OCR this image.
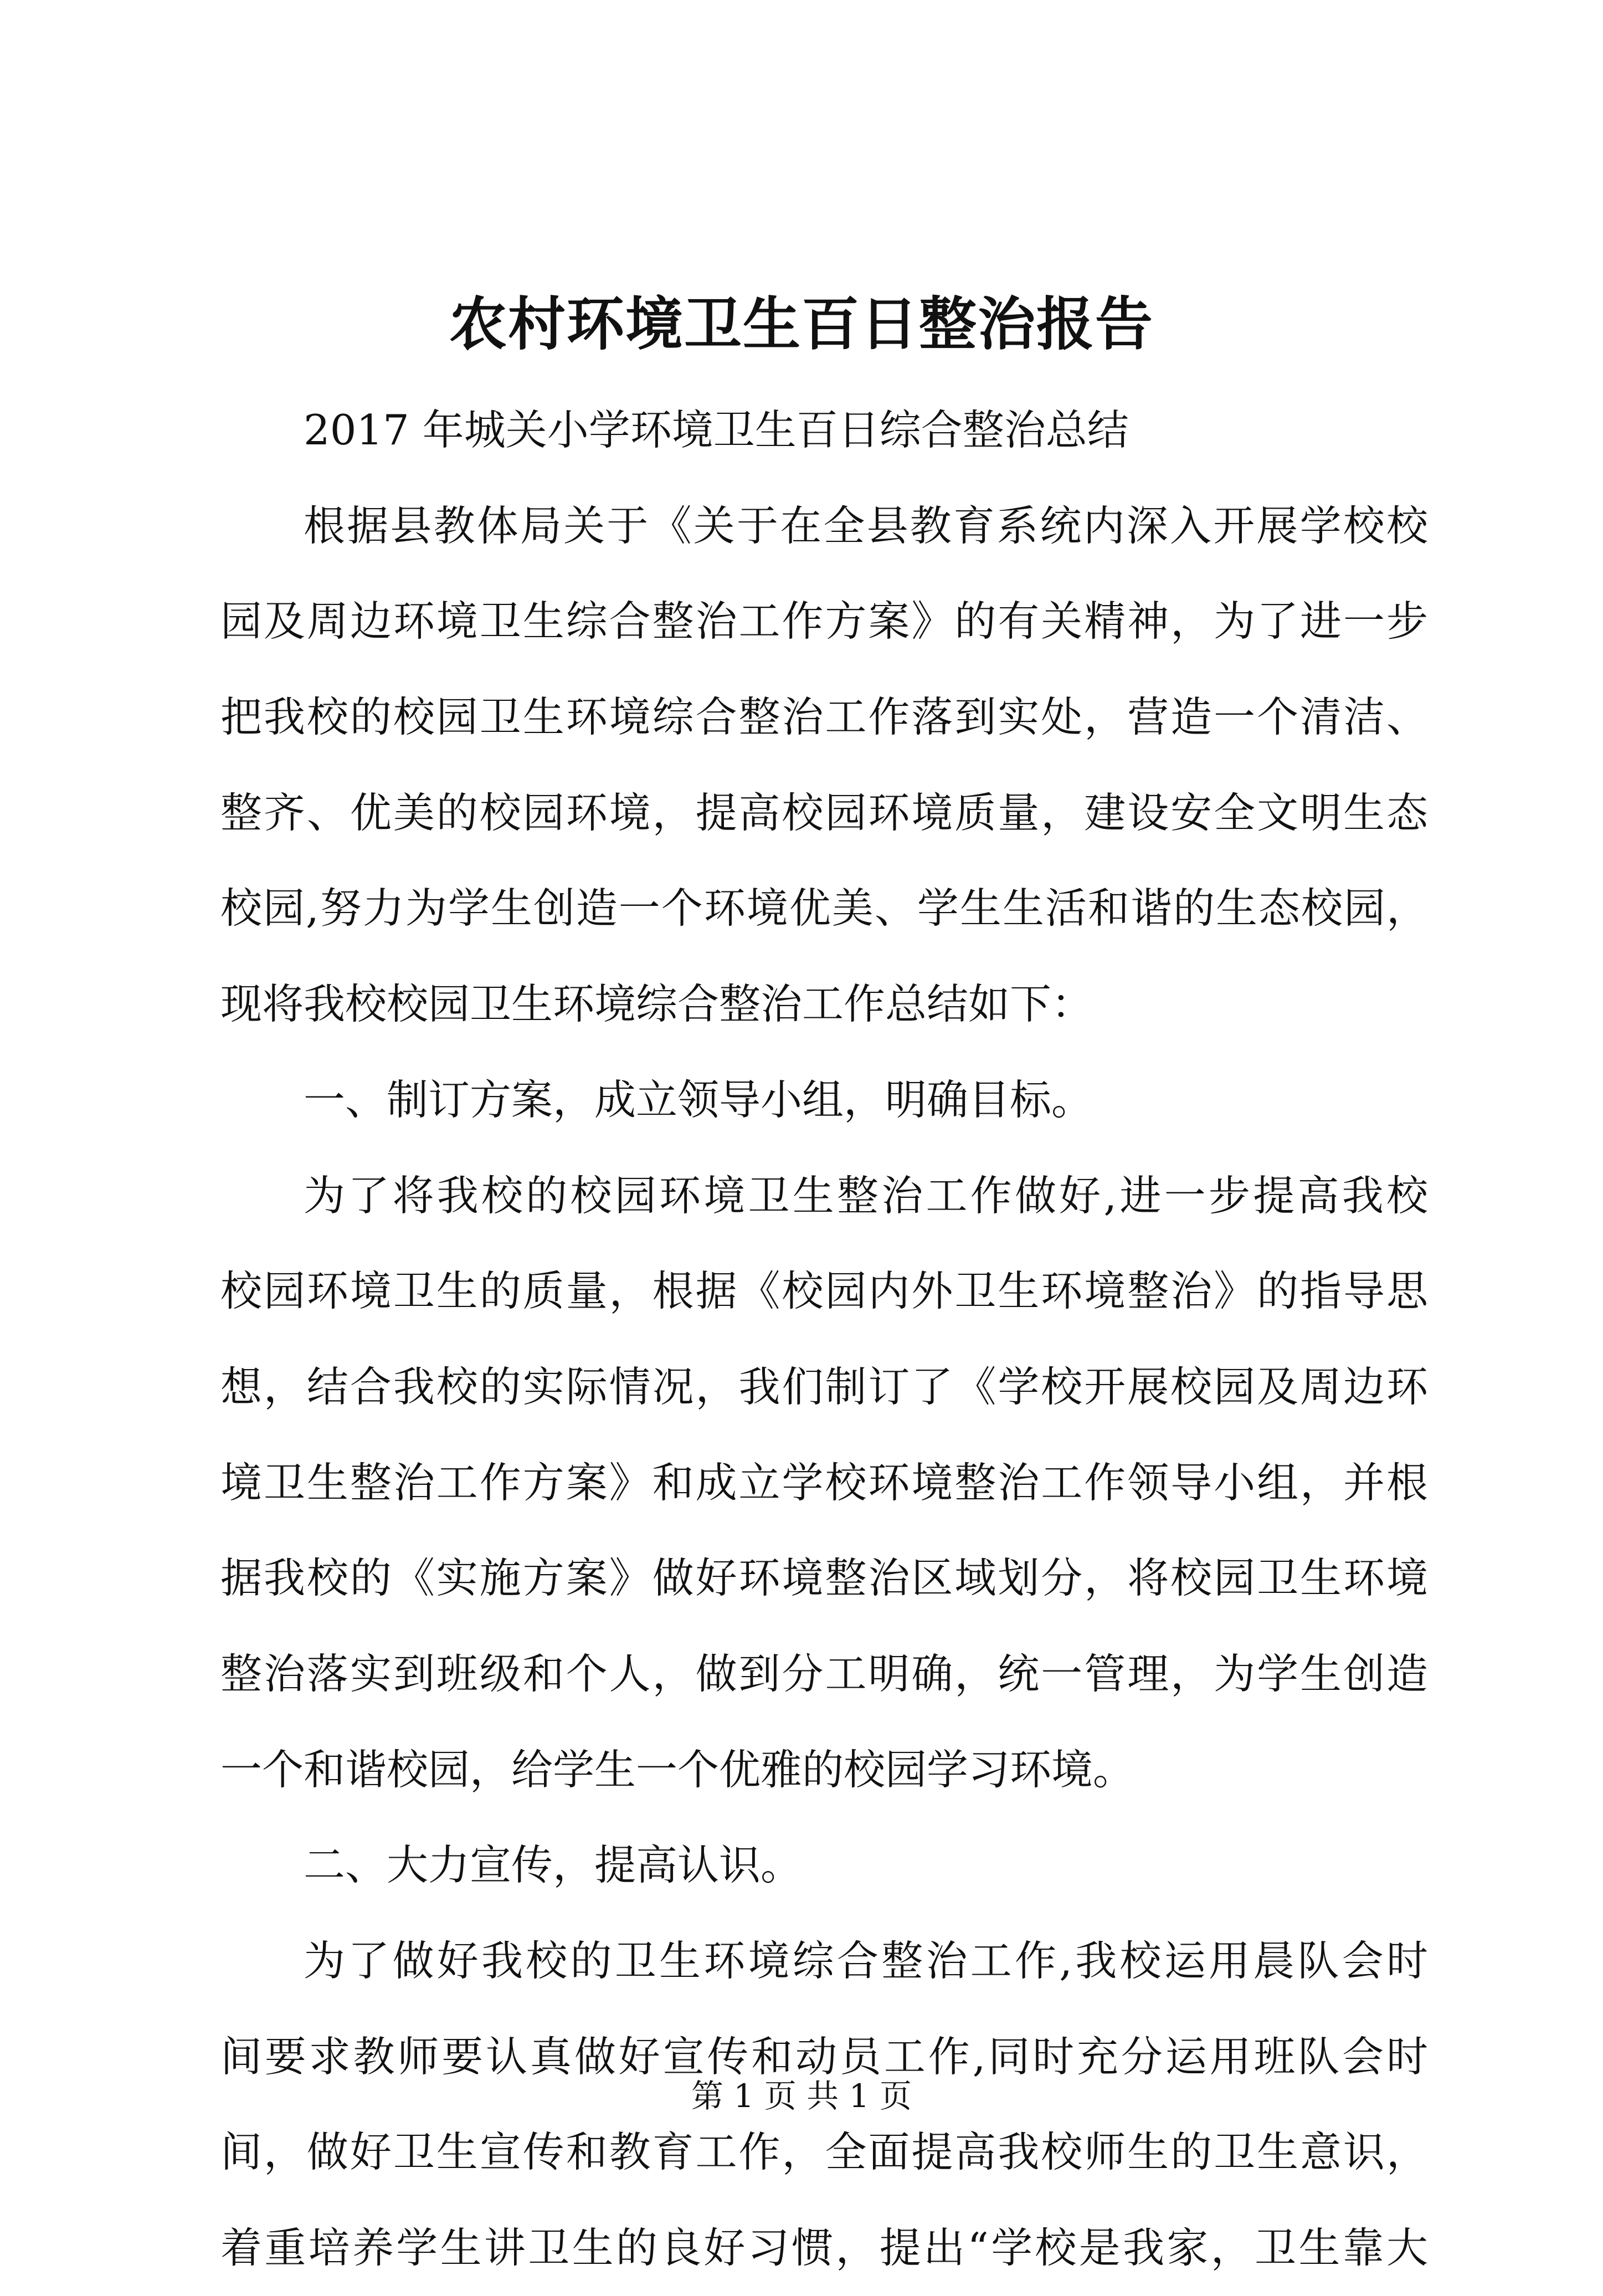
农村环境卫生百日整治报告
2017 年城关小学环境卫生百日综合整治总结
根据县教体局关于《关于在全县教育系统内深入开展学校校
园及周边环境卫生综合整治工作方案》的有关精神，为了进一步
把我校的校园卫生环境综合整治工作落到实处，营造一个清洁、
整齐、优美的校园环境，提高校园环境质量，建设安全文明生态
校园,努力为学生创造一个环境优美、学生生活和谐的生态校园，
现将我校校园卫生环境综合整治工作总结如下：
一、制订方案，成立领导小组，明确目标。
为了将我校的校园环境卫生整治工作做好,进一步提高我校
校园环境卫生的质量，根据《校园内外卫生环境整治》的指导思
想，结合我校的实际情况，我们制订了《学校开展校园及周边环
境卫生整治工作方案》和成立学校环境整治工作领导小组，并根
据我校的《实施方案》做好环境整治区域划分，将校园卫生环境
整治落实到班级和个人，做到分工明确，统一管理，为学生创造
一个和谐校园，给学生一个优雅的校园学习环境。
二、大力宣传，提高认识。
为了做好我校的卫生环境综合整治工作,我校运用晨队会时
间要求教师要认真做好宣传和动员工作,同时充分运用班队会时
间，做好卫生宣传和教育工作，全面提高我校师生的卫生意识，
着重培养学生讲卫生的良好习惯，提出“学校是我家，卫生靠大
第 1 页 共 1 页
